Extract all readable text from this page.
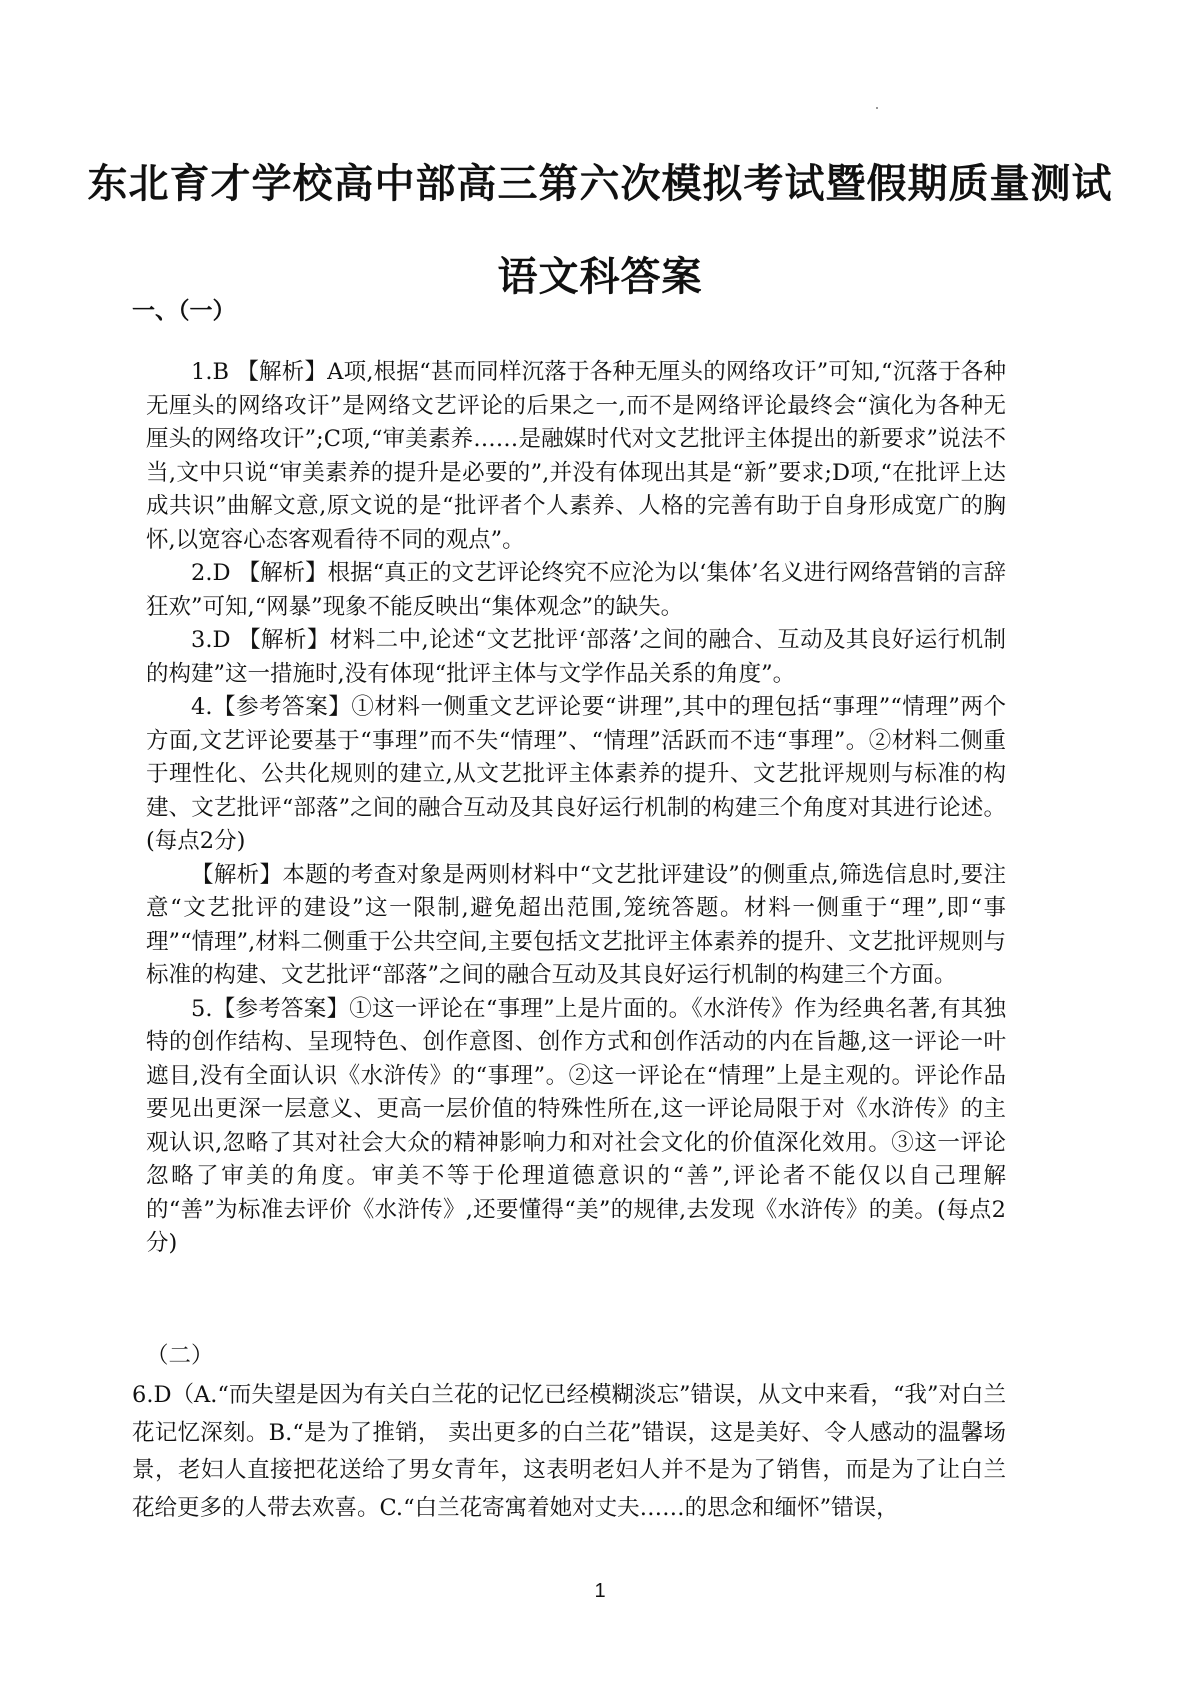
东北育才学校高中部高三第六次模拟考试暨假期质量测试
语文科答案
一、（一）

1.B 【解析】A项,根据“甚而同样沉落于各种无厘头的网络攻讦”可知,“沉落于各种无厘头的网络攻讦”是网络文艺评论的后果之一,而不是网络评论最终会“演化为各种无厘头的网络攻讦”;C项,“审美素养……是融媒时代对文艺批评主体提出的新要求”说法不当,文中只说“审美素养的提升是必要的”,并没有体现出其是“新”要求;D项,“在批评上达成共识”曲解文意,原文说的是“批评者个人素养、人格的完善有助于自身形成宽广的胸怀,以宽容心态客观看待不同的观点”。

2.D 【解析】根据“真正的文艺评论终究不应沦为以‘集体’名义进行网络营销的言辞狂欢”可知,“网暴”现象不能反映出“集体观念”的缺失。

3.D 【解析】材料二中,论述“文艺批评‘部落’之间的融合、互动及其良好运行机制的构建”这一措施时,没有体现“批评主体与文学作品关系的角度”。

4.【参考答案】①材料一侧重文艺评论要“讲理”,其中的理包括“事理”“情理”两个方面,文艺评论要基于“事理”而不失“情理”、“情理”活跃而不违“事理”。②材料二侧重于理性化、公共化规则的建立,从文艺批评主体素养的提升、文艺批评规则与标准的构建、文艺批评“部落”之间的融合互动及其良好运行机制的构建三个角度对其进行论述。(每点2分)

【解析】本题的考查对象是两则材料中“文艺批评建设”的侧重点,筛选信息时,要注意“文艺批评的建设”这一限制,避免超出范围,笼统答题。材料一侧重于“理”,即“事理”“情理”,材料二侧重于公共空间,主要包括文艺批评主体素养的提升、文艺批评规则与标准的构建、文艺批评“部落”之间的融合互动及其良好运行机制的构建三个方面。

5.【参考答案】①这一评论在“事理”上是片面的。《水浒传》作为经典名著,有其独特的创作结构、呈现特色、创作意图、创作方式和创作活动的内在旨趣,这一评论一叶遮目,没有全面认识《水浒传》的“事理”。②这一评论在“情理”上是主观的。评论作品要见出更深一层意义、更高一层价值的特殊性所在,这一评论局限于对《水浒传》的主观认识,忽略了其对社会大众的精神影响力和对社会文化的价值深化效用。③这一评论忽略了审美的角度。审美不等于伦理道德意识的“善”,评论者不能仅以自己理解的“善”为标准去评价《水浒传》,还要懂得“美”的规律,去发现《水浒传》的美。(每点2分)

（二）

6.D（A.“而失望是因为有关白兰花的记忆已经模糊淡忘”错误，从文中来看，“我”对白兰花记忆深刻。B.“是为了推销， 卖出更多的白兰花”错误，这是美好、令人感动的温馨场景，老妇人直接把花送给了男女青年，这表明老妇人并不是为了销售，而是为了让白兰花给更多的人带去欢喜。C.“白兰花寄寓着她对丈夫……的思念和缅怀”错误，

1
